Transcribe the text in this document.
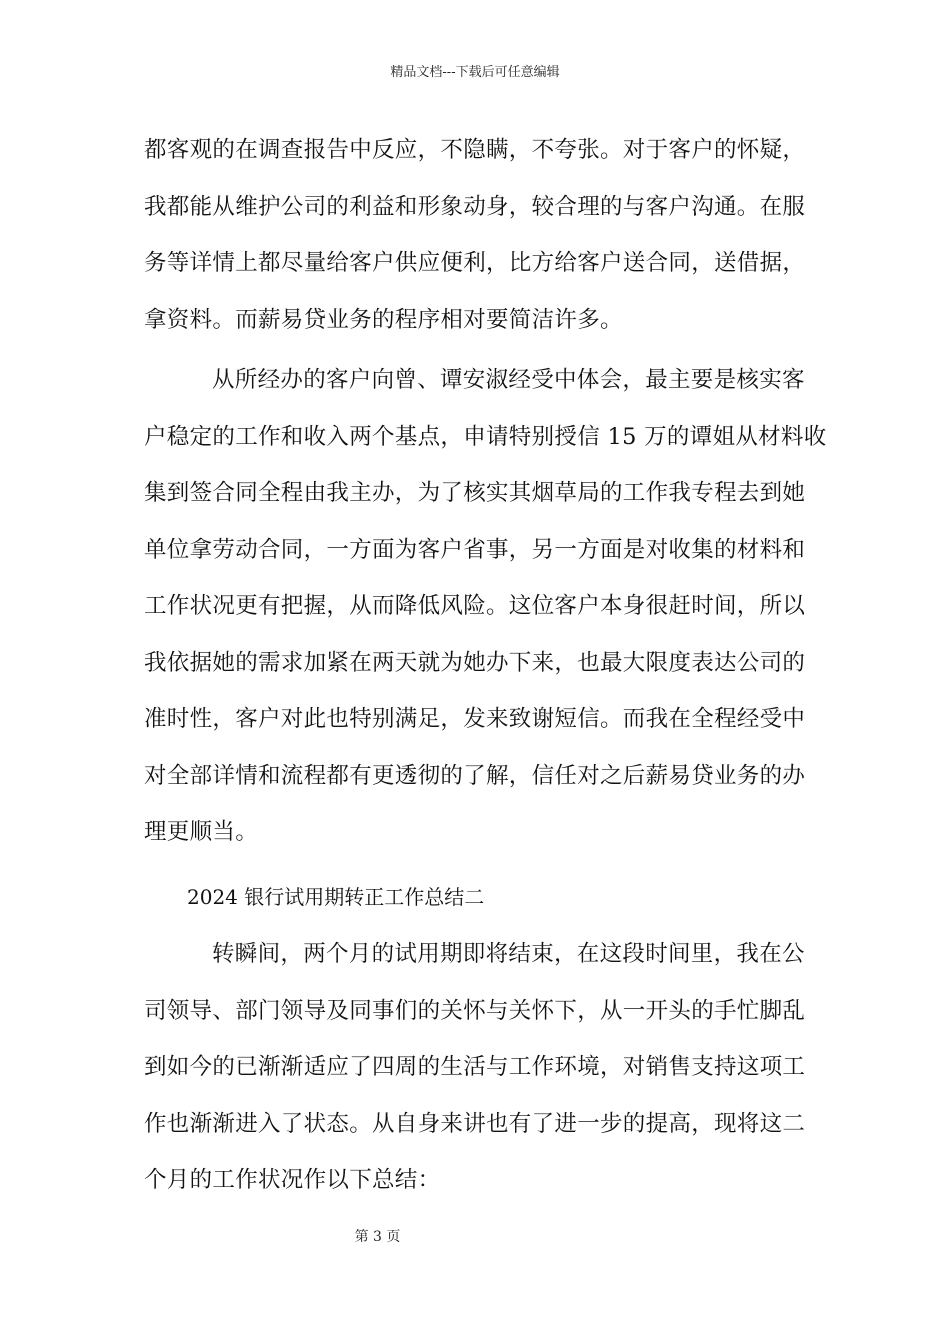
精品文档---下载后可任意编辑

都客观的在调查报告中反应，不隐瞒，不夸张。对于客户的怀疑，
我都能从维护公司的利益和形象动身，较合理的与客户沟通。在服
务等详情上都尽量给客户供应便利，比方给客户送合同，送借据，
拿资料。而薪易贷业务的程序相对要简洁许多。

从所经办的客户向曾、谭安淑经受中体会，最主要是核实客
户稳定的工作和收入两个基点，申请特别授信 15 万的谭姐从材料收
集到签合同全程由我主办，为了核实其烟草局的工作我专程去到她
单位拿劳动合同，一方面为客户省事，另一方面是对收集的材料和
工作状况更有把握，从而降低风险。这位客户本身很赶时间，所以
我依据她的需求加紧在两天就为她办下来，也最大限度表达公司的
准时性，客户对此也特别满足，发来致谢短信。而我在全程经受中
对全部详情和流程都有更透彻的了解，信任对之后薪易贷业务的办
理更顺当。

2024 银行试用期转正工作总结二

转瞬间，两个月的试用期即将结束，在这段时间里，我在公
司领导、部门领导及同事们的关怀与关怀下，从一开头的手忙脚乱
到如今的已渐渐适应了四周的生活与工作环境，对销售支持这项工
作也渐渐进入了状态。从自身来讲也有了进一步的提高，现将这二
个月的工作状况作以下总结：

第 3 页
